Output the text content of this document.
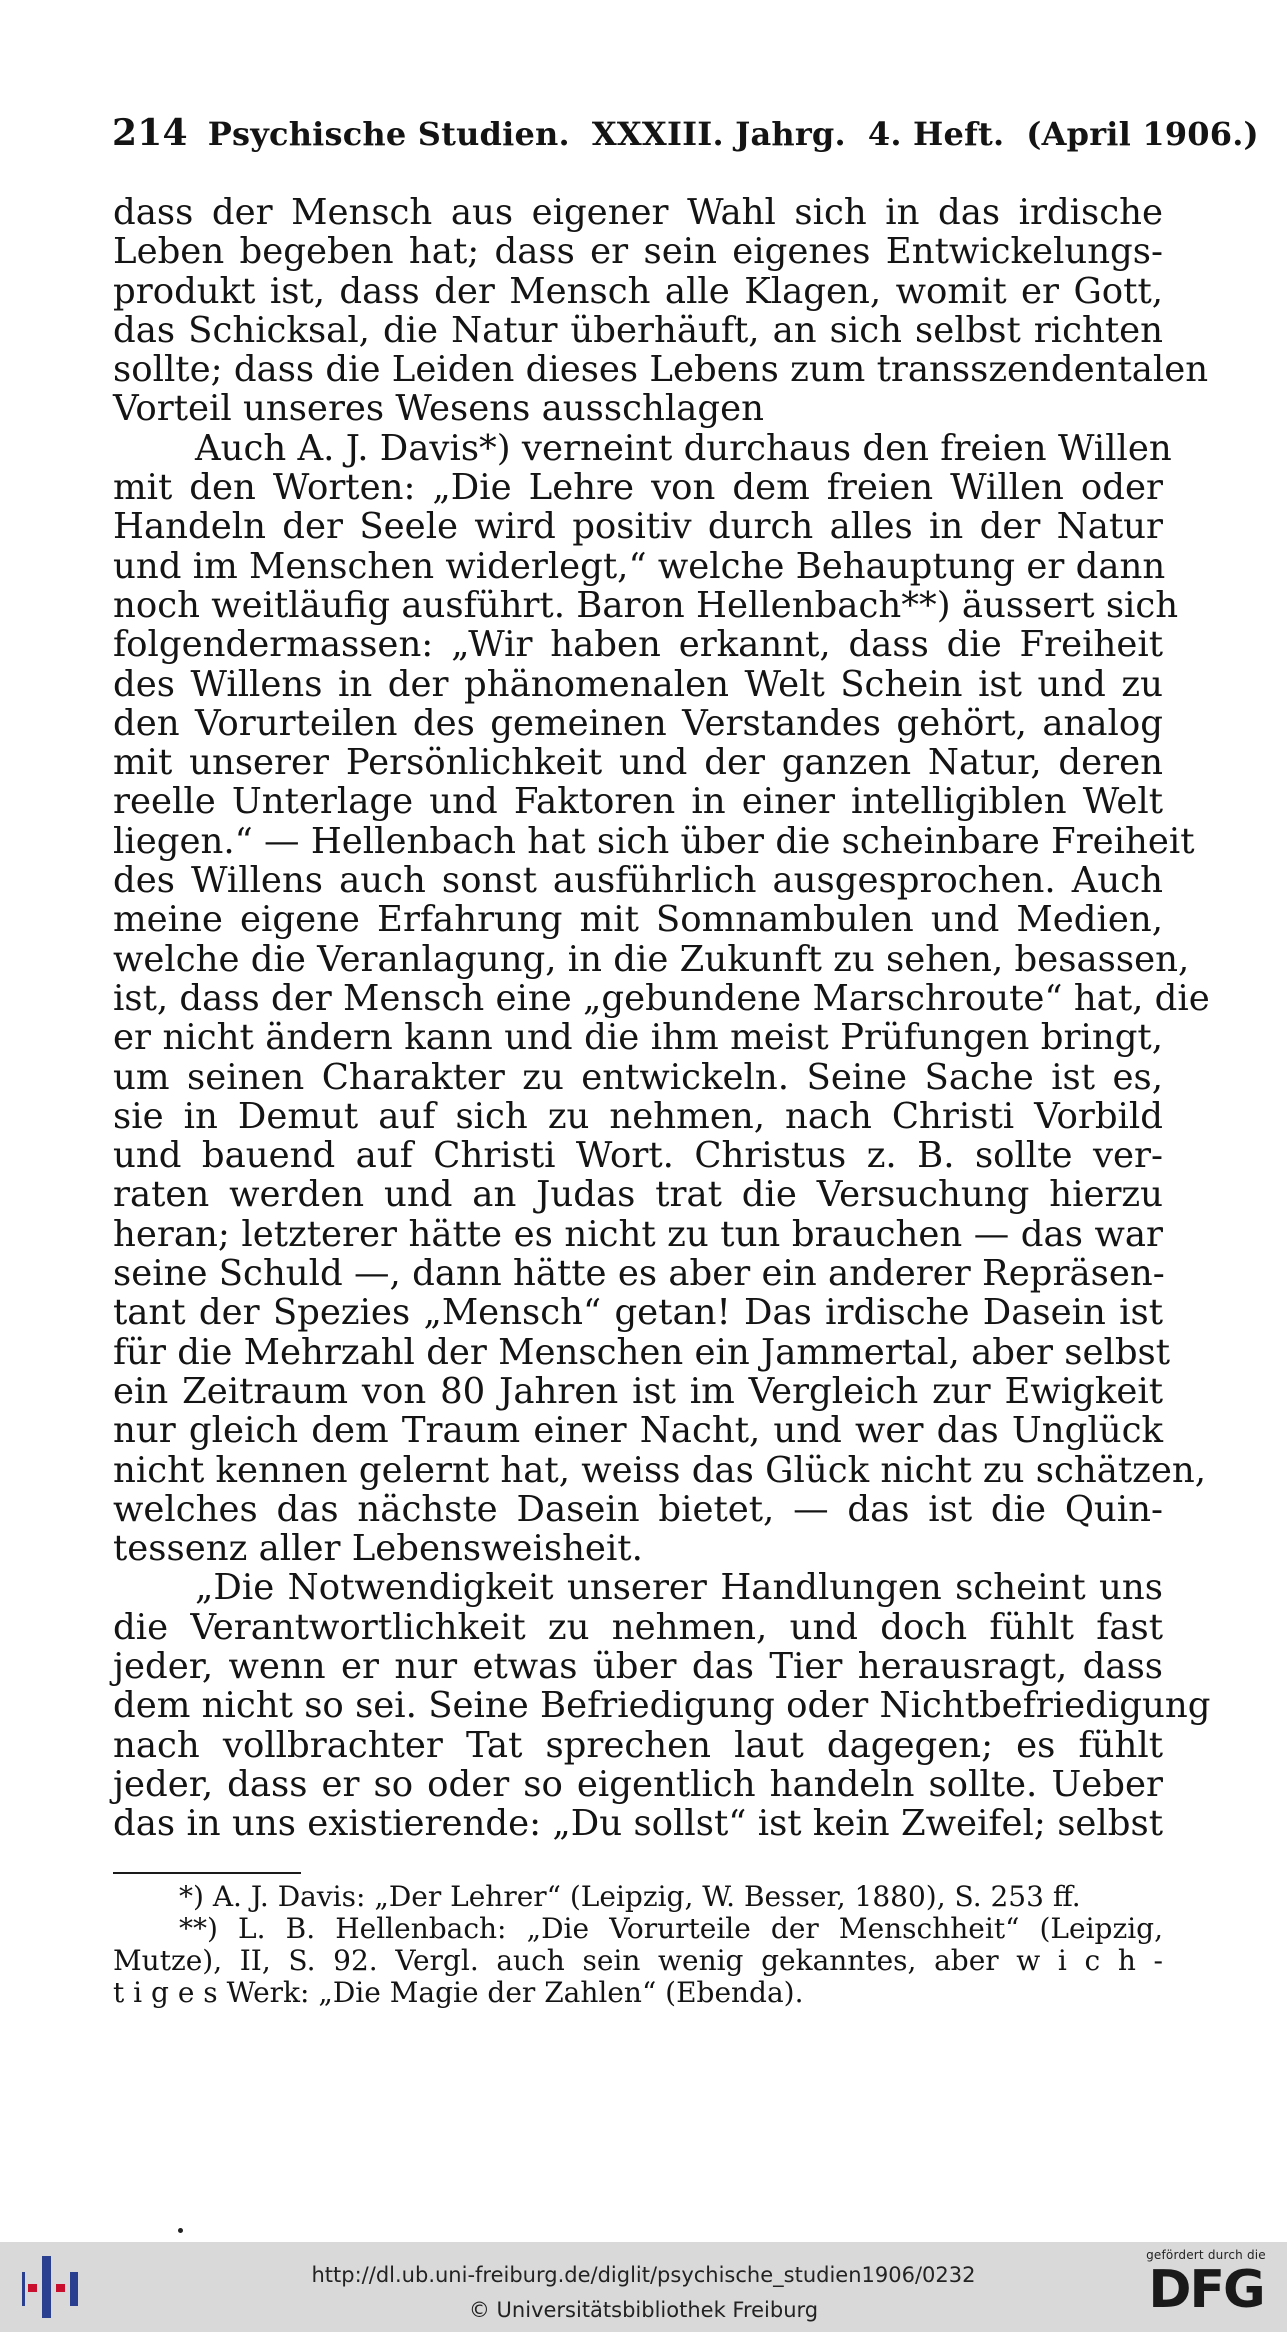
214 Psychische Studien. XXXIII. Jahrg. 4. Heft. (April 1906.)
dass der Mensch aus eigener Wahl sich in das irdische
Leben begeben hat; dass er sein eigenes Entwickelungs-
produkt ist, dass der Mensch alle Klagen, womit er Gott,
das Schicksal, die Natur überhäuft, an sich selbst richten
sollte; dass die Leiden dieses Lebens zum transszendentalen
Vorteil unseres Wesens ausschlagen
Auch A. J. Davis*) verneint durchaus den freien Willen
mit den Worten: „Die Lehre von dem freien Willen oder
Handeln der Seele wird positiv durch alles in der Natur
und im Menschen widerlegt,“ welche Behauptung er dann
noch weitläufig ausführt. Baron Hellenbach**) äussert sich
folgendermassen: „Wir haben erkannt, dass die Freiheit
des Willens in der phänomenalen Welt Schein ist und zu
den Vorurteilen des gemeinen Verstandes gehört, analog
mit unserer Persönlichkeit und der ganzen Natur, deren
reelle Unterlage und Faktoren in einer intelligiblen Welt
liegen.“ — Hellenbach hat sich über die scheinbare Freiheit
des Willens auch sonst ausführlich ausgesprochen. Auch
meine eigene Erfahrung mit Somnambulen und Medien,
welche die Veranlagung, in die Zukunft zu sehen, besassen,
ist, dass der Mensch eine „gebundene Marschroute“ hat, die
er nicht ändern kann und die ihm meist Prüfungen bringt,
um seinen Charakter zu entwickeln. Seine Sache ist es,
sie in Demut auf sich zu nehmen, nach Christi Vorbild
und bauend auf Christi Wort. Christus z. B. sollte ver-
raten werden und an Judas trat die Versuchung hierzu
heran; letzterer hätte es nicht zu tun brauchen — das war
seine Schuld —, dann hätte es aber ein anderer Repräsen-
tant der Spezies „Mensch“ getan! Das irdische Dasein ist
für die Mehrzahl der Menschen ein Jammertal, aber selbst
ein Zeitraum von 80 Jahren ist im Vergleich zur Ewigkeit
nur gleich dem Traum einer Nacht, und wer das Unglück
nicht kennen gelernt hat, weiss das Glück nicht zu schätzen,
welches das nächste Dasein bietet, — das ist die Quin-
tessenz aller Lebensweisheit.
„Die Notwendigkeit unserer Handlungen scheint uns
die Verantwortlichkeit zu nehmen, und doch fühlt fast
jeder, wenn er nur etwas über das Tier herausragt, dass
dem nicht so sei. Seine Befriedigung oder Nichtbefriedigung
nach vollbrachter Tat sprechen laut dagegen; es fühlt
jeder, dass er so oder so eigentlich handeln sollte. Ueber
das in uns existierende: „Du sollst“ ist kein Zweifel; selbst
*) A. J. Davis: „Der Lehrer“ (Leipzig, W. Besser, 1880), S. 253 ff.
**) L. B. Hellenbach: „Die Vorurteile der Menschheit“ (Leipzig,
Mutze), II, S. 92. Vergl. auch sein wenig gekanntes, aber w i c h -
t i g e s Werk: „Die Magie der Zahlen“ (Ebenda).
http://dl.ub.uni-freiburg.de/diglit/psychische_studien1906/0232
© Universitätsbibliothek Freiburg
gefördert durch die
DFG
